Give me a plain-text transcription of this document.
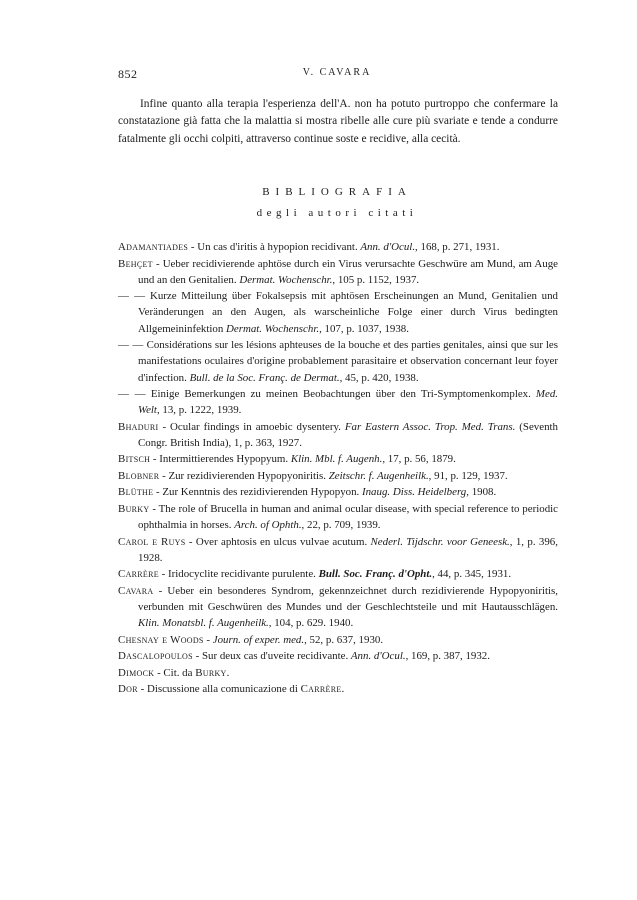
852	V. CAVARA

Infine quanto alla terapia l'esperienza dell'A. non ha potuto purtroppo che confermare la constatazione già fatta che la malattia si mostra ribelle alle cure più svariate e tende a condurre fatalmente gli occhi colpiti, attraverso continue soste e recidive, alla cecità.

BIBLIOGRAFIA
degli autori citati

Adamantiades - Un cas d'iritis à hypopion recidivant. Ann. d'Ocul., 168, p. 271, 1931.

Behçet - Ueber recidivierende aphtöse durch ein Virus verursachte Geschwüre am Mund, am Auge und an den Genitalien. Dermat. Wochenschr., 105 p. 1152, 1937.

— — Kurze Mitteilung über Fokalsepsis mit aphtösen Erscheinungen an Mund, Genitalien und Veränderungen an den Augen, als warscheinliche Folge einer durch Virus bedingten Allgemeininfektion Dermat. Wochenschr., 107, p. 1037, 1938.

— — Considérations sur les lésions aphteuses de la bouche et des parties genitales, ainsi que sur les manifestations oculaires d'origine probablement parasitaire et observation concernant leur foyer d'infection. Bull. de la Soc. Franç. de Dermat., 45, p. 420, 1938.

— — Einige Bemerkungen zu meinen Beobachtungen über den Tri-Symptomenkomplex. Med. Welt, 13, p. 1222, 1939.

Bhaduri - Ocular findings in amoebic dysentery. Far Eastern Assoc. Trop. Med. Trans. (Seventh Congr. British India), 1, p. 363, 1927.

Bitsch - Intermittierendes Hypopyum. Klin. Mbl. f. Augenh., 17, p. 56, 1879.

Blobner - Zur rezidivierenden Hypopyoniritis. Zeitschr. f. Augenheilk., 91, p. 129, 1937.

Blüthe - Zur Kenntnis des rezidivierenden Hypopyon. Inaug. Diss. Heidelberg, 1908.

Burky - The role of Brucella in human and animal ocular disease, with special reference to periodic ophthalmia in horses. Arch. of Ophth., 22, p. 709, 1939.

Carol e Ruys - Over aphtosis en ulcus vulvae acutum. Nederl. Tijdschr. voor Geneesk., 1, p. 396, 1928.

Carrère - Iridocyclite recidivante purulente. Bull. Soc. Franç. d'Opht., 44, p. 345, 1931.

Cavara - Ueber ein besonderes Syndrom, gekennzeichnet durch rezidivierende Hypopyoniritis, verbunden mit Geschwüren des Mundes und der Geschlechtsteile und mit Hautausschlägen. Klin. Monatsbl. f. Augenheilk., 104, p. 629. 1940.

Chesnay e Woods - Journ. of exper. med., 52, p. 637, 1930.

Dascalopoulos - Sur deux cas d'uveite recidivante. Ann. d'Ocul., 169, p. 387, 1932.

Dimock - Cit. da Burky.

Dor - Discussione alla comunicazione di Carrère.
